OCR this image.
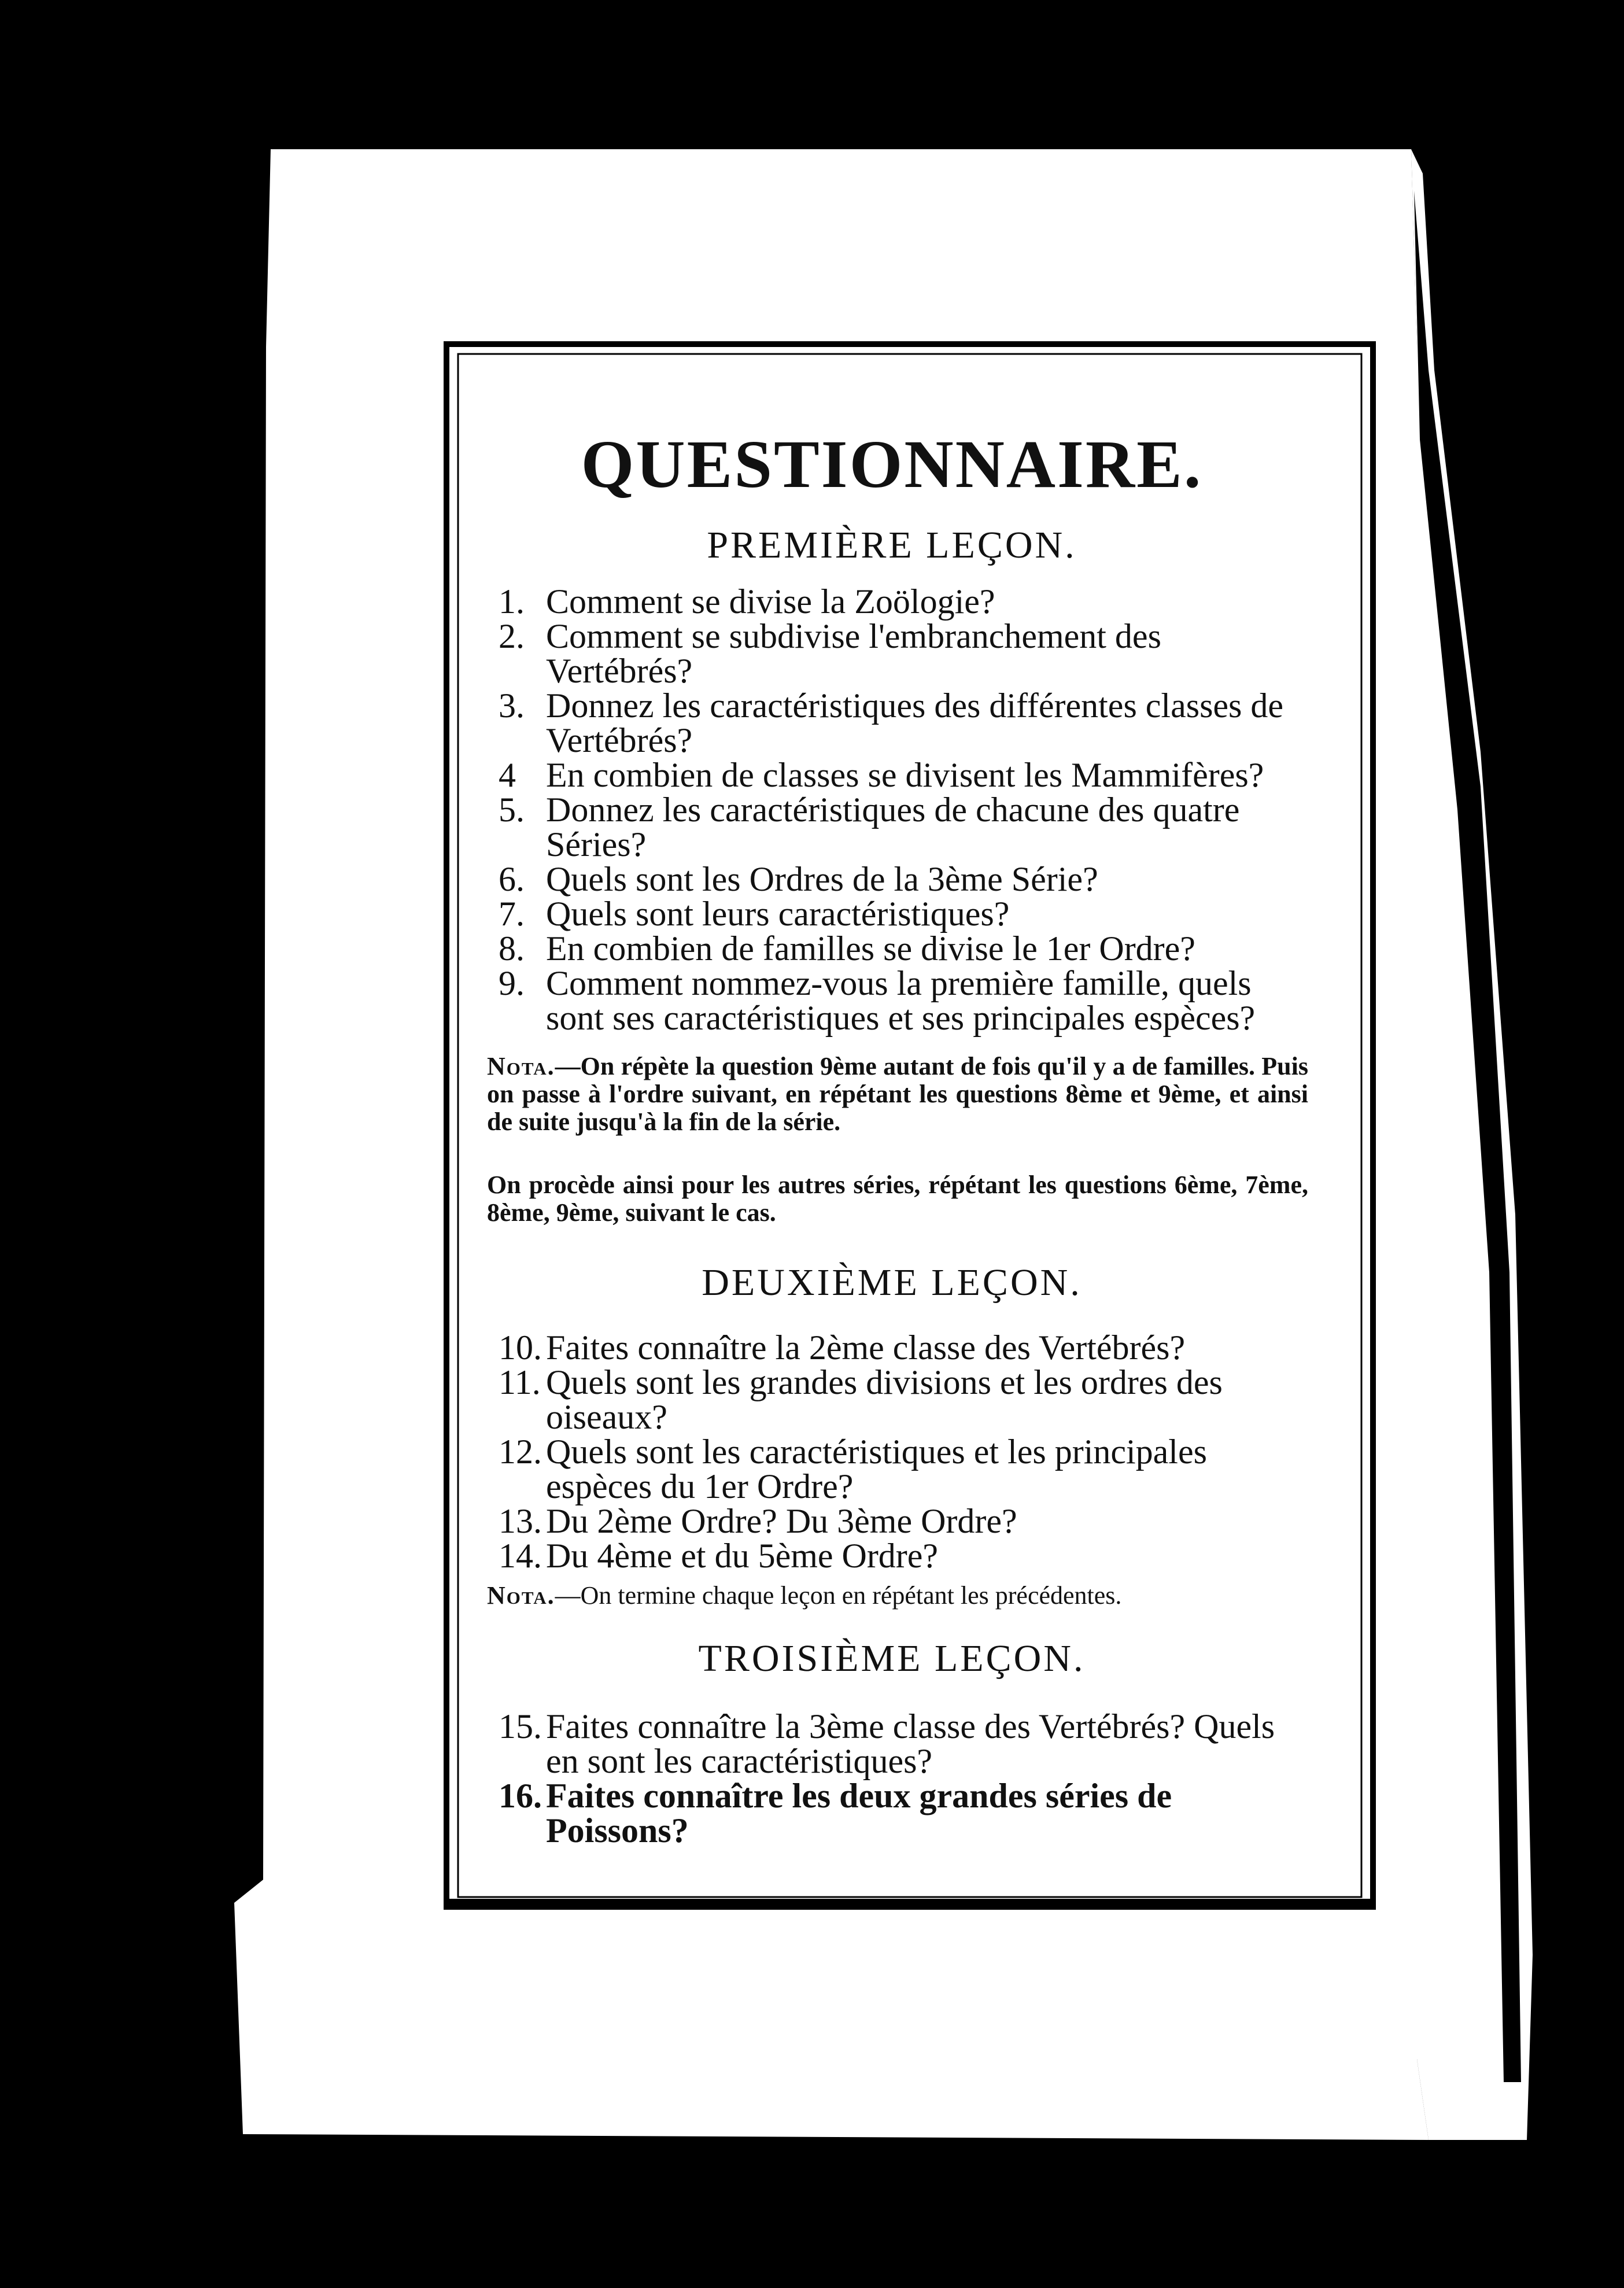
QUESTIONNAIRE.
PREMIÈRE LEÇON.
1. Comment se divise la Zoölogie?
2. Comment se subdivise l'embranchement des Vertébrés?
3. Donnez les caractéristiques des différentes classes de Vertébrés?
4 En combien de classes se divisent les Mammifères?
5. Donnez les caractéristiques de chacune des quatre Séries?
6. Quels sont les Ordres de la 3ème Série?
7. Quels sont leurs caractéristiques?
8. En combien de familles se divise le 1er Ordre?
9. Comment nommez-vous la première famille, quels sont ses caractéristiques et ses principales espèces?
Nota.—On répète la question 9ème autant de fois qu'il y a de familles. Puis on passe à l'ordre suivant, en répétant les questions 8ème et 9ème, et ainsi de suite jusqu'à la fin de la série.
On procède ainsi pour les autres séries, répétant les questions 6ème, 7ème, 8ème, 9ème, suivant le cas.
DEUXIÈME LEÇON.
10. Faites connaître la 2ème classe des Vertébrés?
11. Quels sont les grandes divisions et les ordres des oiseaux?
12. Quels sont les caractéristiques et les principales espèces du 1er Ordre?
13. Du 2ème Ordre? Du 3ème Ordre?
14. Du 4ème et du 5ème Ordre?
Nota.—On termine chaque leçon en répétant les précédentes.
TROISIÈME LEÇON.
15. Faites connaître la 3ème classe des Vertébrés? Quels en sont les caractéristiques?
16. Faites connaître les deux grandes séries de Poissons?
